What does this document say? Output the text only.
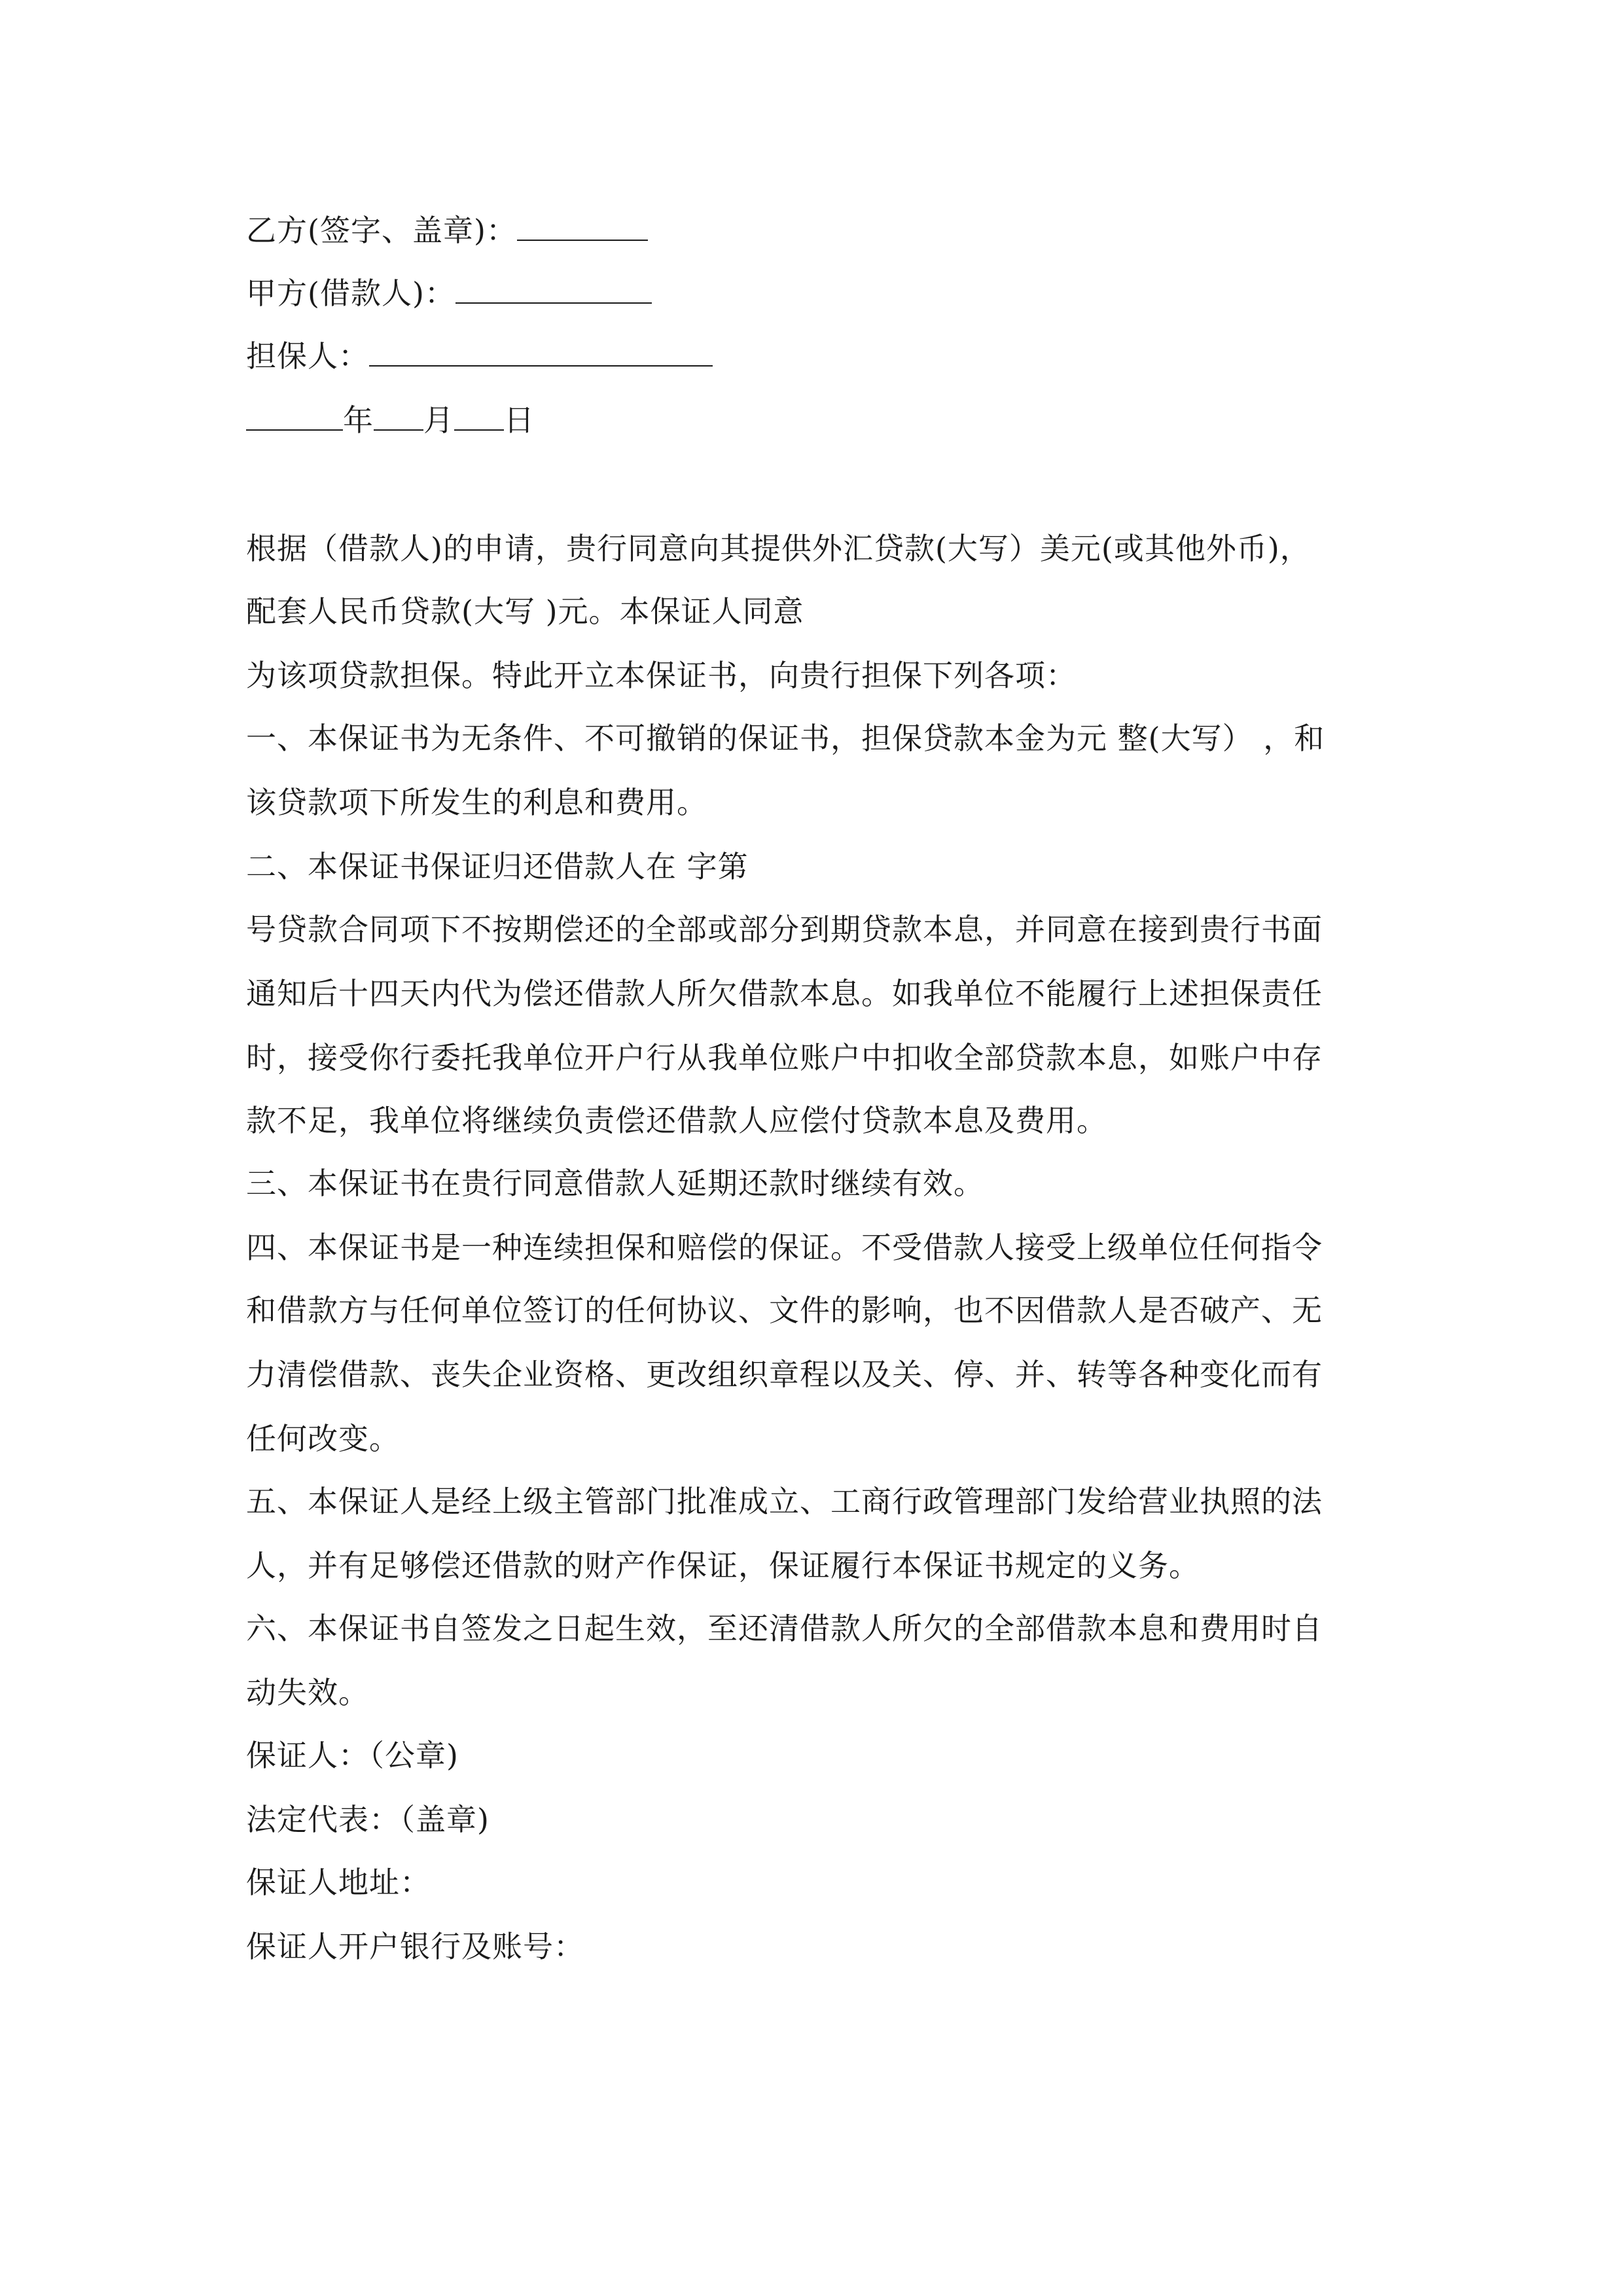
乙方(签字、盖章)：
甲方(借款人)：
担保人：
年 月 日
根据（借款人)的申请，贵行同意向其提供外汇贷款(大写）美元(或其他外币)，
配套人民币贷款(大写 )元。本保证人同意
为该项贷款担保。特此开立本保证书，向贵行担保下列各项：
一、本保证书为无条件、不可撤销的保证书，担保贷款本金为元 整(大写） ，和
该贷款项下所发生的利息和费用。
二、本保证书保证归还借款人在 字第
号贷款合同项下不按期偿还的全部或部分到期贷款本息，并同意在接到贵行书面
通知后十四天内代为偿还借款人所欠借款本息。如我单位不能履行上述担保责任
时，接受你行委托我单位开户行从我单位账户中扣收全部贷款本息，如账户中存
款不足，我单位将继续负责偿还借款人应偿付贷款本息及费用。
三、本保证书在贵行同意借款人延期还款时继续有效。
四、本保证书是一种连续担保和赔偿的保证。不受借款人接受上级单位任何指令
和借款方与任何单位签订的任何协议、文件的影响，也不因借款人是否破产、无
力清偿借款、丧失企业资格、更改组织章程以及关、停、并、转等各种变化而有
任何改变。
五、本保证人是经上级主管部门批准成立、工商行政管理部门发给营业执照的法
人，并有足够偿还借款的财产作保证，保证履行本保证书规定的义务。
六、本保证书自签发之日起生效，至还清借款人所欠的全部借款本息和费用时自
动失效。
保证人：（公章)
法定代表：（盖章)
保证人地址：
保证人开户银行及账号：
